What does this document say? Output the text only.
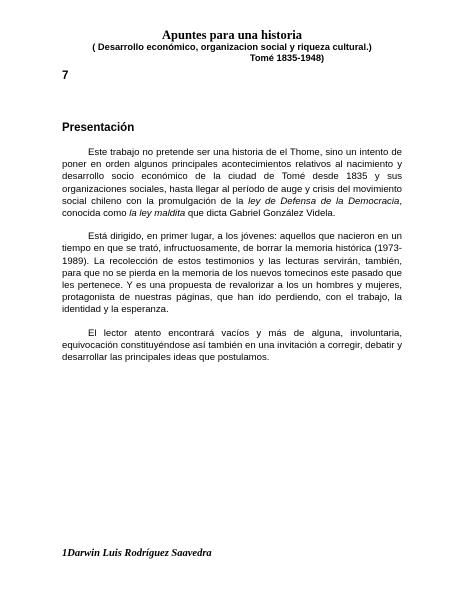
Apuntes para una historia

( Desarrollo económico, organizacion social y riqueza cultural.)

Tomé 1835-1948)

7

Presentación

Este trabajo no pretende ser una historia de el Thome, sino un intento de poner en orden algunos principales acontecimientos relativos al nacimiento y desarrollo socio económico de la ciudad de Tomé desde 1835 y sus organizaciones sociales, hasta llegar al período de auge y crisis del movimiento social chileno con la promulgación de la ley de Defensa de la Democracia, conocida como la ley maldita que dicta Gabriel González Videla.

Está dirigido, en primer lugar, a los jóvenes: aquellos que nacieron en un tiempo en que se trató, infructuosamente, de borrar la memoria histórica (1973-1989). La recolección de estos testimonios y las lecturas servirán, también, para que no se pierda en la memoria de los nuevos tomecinos este pasado que les pertenece. Y es una propuesta de revalorizar a los un hombres y mujeres, protagonista de nuestras páginas, que han ido perdiendo, con el trabajo, la identidad y la esperanza.

El lector atento encontrará vacíos y más de alguna, involuntaria, equivocación constituyéndose así también en una invitación a corregir, debatir y desarrollar las principales ideas que postulamos.

1Darwin Luis Rodríguez Saavedra
